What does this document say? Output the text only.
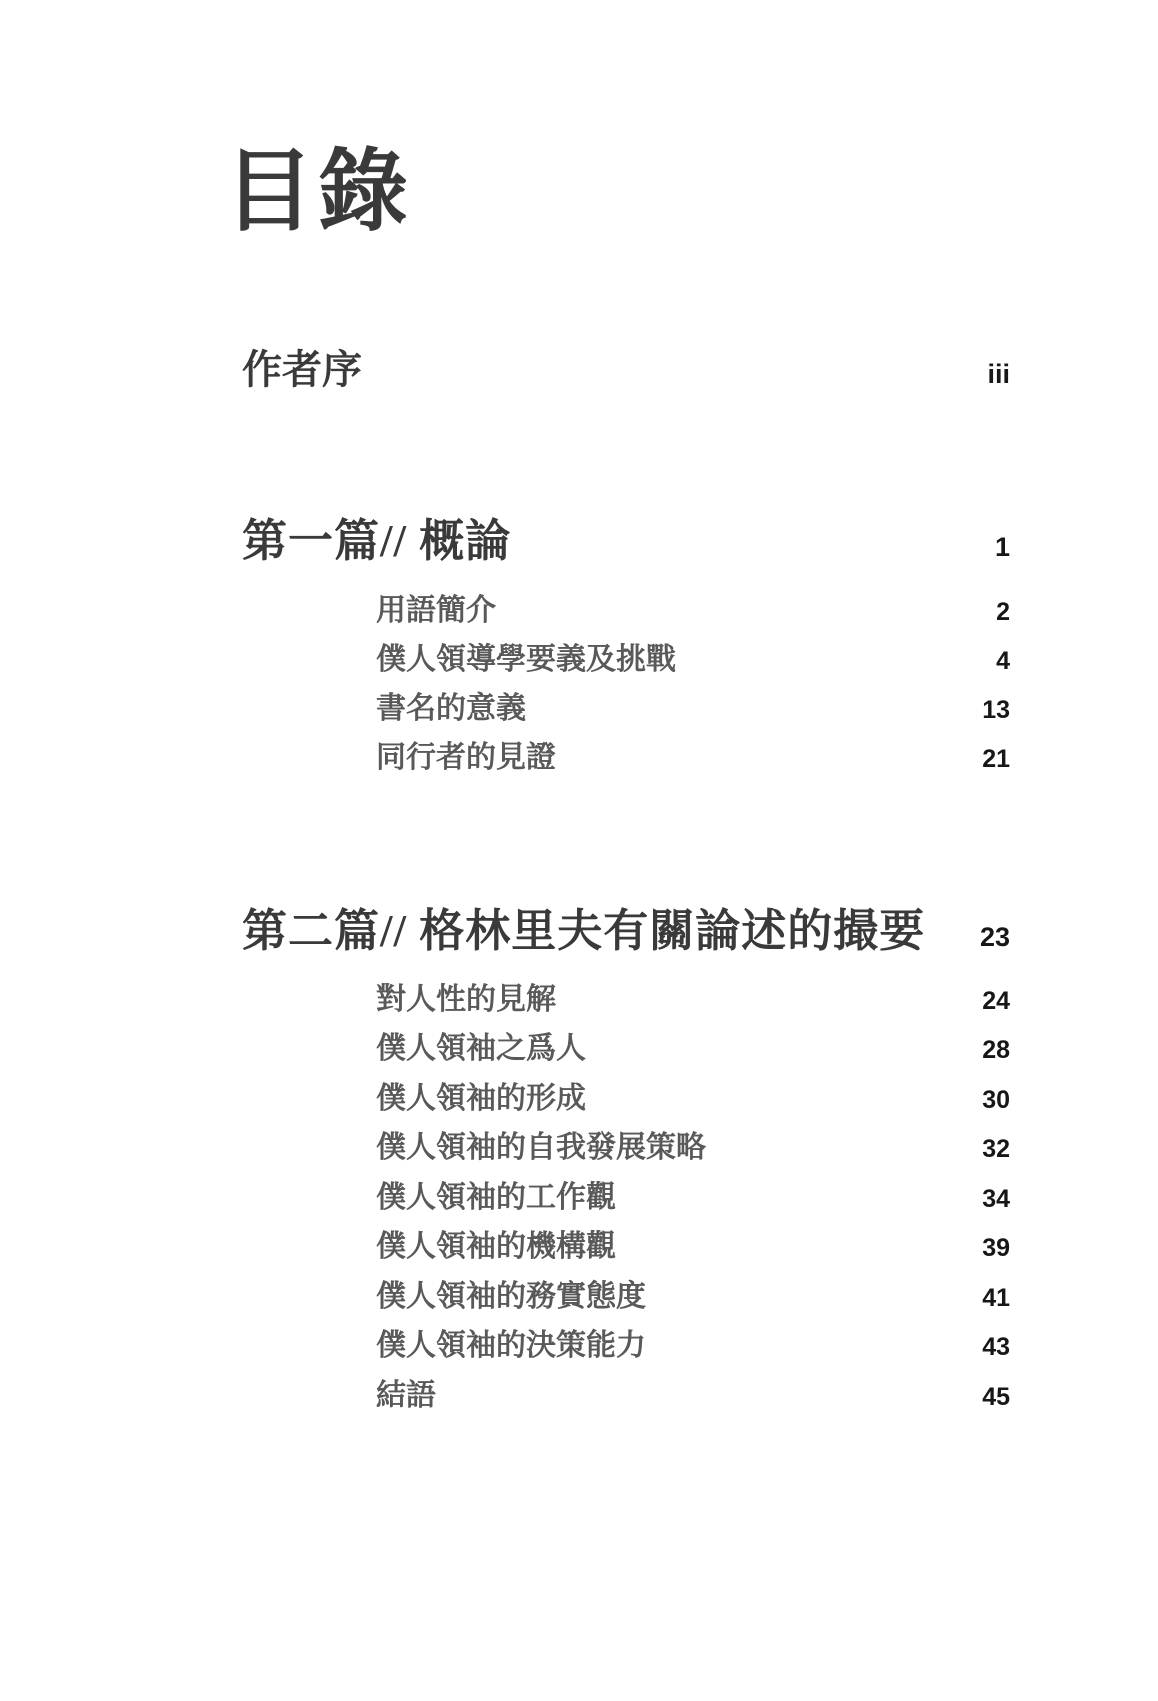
目錄
作者序	iii
第一篇// 概論	1
用語簡介	2
僕人領導學要義及挑戰	4
書名的意義	13
同行者的見證	21
第二篇// 格林里夫有關論述的撮要 23
對人性的見解	24
僕人領袖之爲人	28
僕人領袖的形成	30
僕人領袖的自我發展策略	32
僕人領袖的工作觀	34
僕人領袖的機構觀	39
僕人領袖的務實態度	41
僕人領袖的決策能力	43
結語	45
